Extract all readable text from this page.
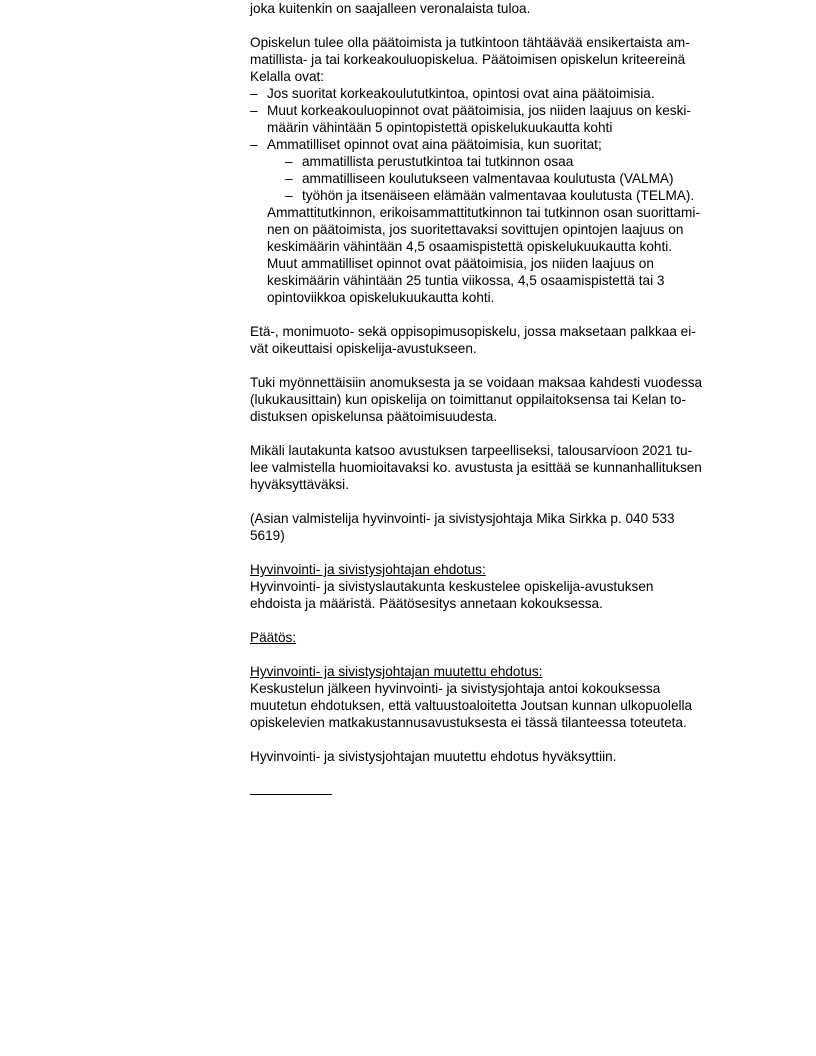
joka kuitenkin on saajalleen veronalaista tuloa.
Opiskelun tulee olla päätoimista ja tutkintoon tähtäävää ensikertaista am-
matillista- ja tai korkeakouluopiskelua. Päätoimisen opiskelun kriteereinä
Kelalla ovat:
– Jos suoritat korkeakoulututkintoa, opintosi ovat aina päätoimisia.
– Muut korkeakouluopinnot ovat päätoimisia, jos niiden laajuus on keski-
määrin vähintään 5 opintopistettä opiskelukuukautta kohti
– Ammatilliset opinnot ovat aina päätoimisia, kun suoritat;
– ammatillista perustutkintoa tai tutkinnon osaa
– ammatilliseen koulutukseen valmentavaa koulutusta (VALMA)
– työhön ja itsenäiseen elämään valmentavaa koulutusta (TELMA).
Ammattitutkinnon, erikoisammattitutkinnon tai tutkinnon osan suorittami-
nen on päätoimista, jos suoritettavaksi sovittujen opintojen laajuus on
keskimäärin vähintään 4,5 osaamispistettä opiskelukuukautta kohti.
Muut ammatilliset opinnot ovat päätoimisia, jos niiden laajuus on
keskimäärin vähintään 25 tuntia viikossa, 4,5 osaamispistettä tai 3
opintoviikkoa opiskelukuukautta kohti.
Etä-, monimuoto- sekä oppisopimusopiskelu, jossa maksetaan palkkaa ei-
vät oikeuttaisi opiskelija-avustukseen.
Tuki myönnettäisiin anomuksesta ja se voidaan maksaa kahdesti vuodessa
(lukukausittain) kun opiskelija on toimittanut oppilaitoksensa tai Kelan to-
distuksen opiskelunsa päätoimisuudesta.
Mikäli lautakunta katsoo avustuksen tarpeelliseksi, talousarvioon 2021 tu-
lee valmistella huomioitavaksi ko. avustusta ja esittää se kunnanhallituksen
hyväksyttäväksi.
(Asian valmistelija hyvinvointi- ja sivistysjohtaja Mika Sirkka p. 040 533
5619)
Hyvinvointi- ja sivistysjohtajan ehdotus:
Hyvinvointi- ja sivistyslautakunta keskustelee opiskelija-avustuksen
ehdoista ja määristä. Päätösesitys annetaan kokouksessa.
Päätös:
Hyvinvointi- ja sivistysjohtajan muutettu ehdotus:
Keskustelun jälkeen hyvinvointi- ja sivistysjohtaja antoi kokouksessa
muutetun ehdotuksen, että valtuustoaloitetta Joutsan kunnan ulkopuolella
opiskelevien matkakustannusavustuksesta ei tässä tilanteessa toteuteta.
Hyvinvointi- ja sivistysjohtajan muutettu ehdotus hyväksyttiin.
